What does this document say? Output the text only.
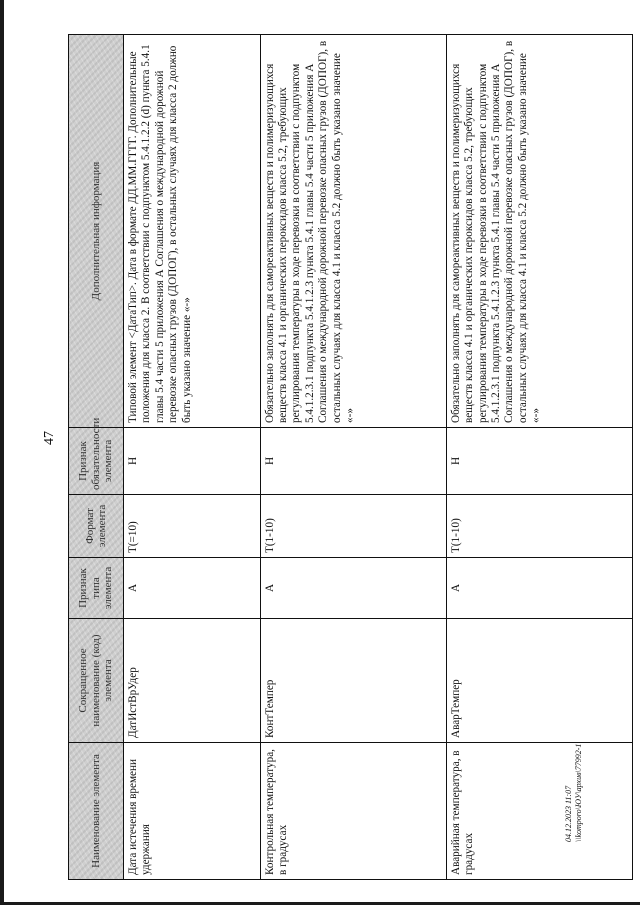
47
04.12.2023 11:07 \\komporo\ЮУ\архив\77992-1
Наименование элемента	Сокращенное наименование (код) элемента	Признак типа элемента	Формат элемента	Признак обязательности элемента	Дополнительная информация
Дата истечения времени удержания	ДатИстВрУдер	А	T(=10)	Н	Типовой элемент <ДатаТип>. Дата в формате ДД.ММ.ГГГГ. Дополнительные положения для класса 2. В соответствии с подпунктом 5.4.1.2.2 (d) пункта 5.4.1 главы 5.4 части 5 приложения А Соглашения о международной дорожной перевозке опасных грузов (ДОПОГ), в остальных случаях для класса 2 должно быть указано значение «-»
Контрольная температура, в градусах	КонтТемпер	А	T(1-10)	Н	Обязательно заполнять для самореактивных веществ и полимеризующихся веществ класса 4.1 и органических пероксидов класса 5.2, требующих регулирования температуры в ходе перевозки в соответствии с подпунктом 5.4.1.2.3.1 подпункта 5.4.1.2.3 пункта 5.4.1 главы 5.4 части 5 приложения А Соглашения о международной дорожной перевозке опасных грузов (ДОПОГ), в остальных случаях для класса 4.1 и класса 5.2 должно быть указано значение «-»
Аварийная температура, в градусах	АварТемпер	А	T(1-10)	Н	Обязательно заполнять для самореактивных веществ и полимеризующихся веществ класса 4.1 и органических пероксидов класса 5.2, требующих регулирования температуры в ходе перевозки в соответствии с подпунктом 5.4.1.2.3.1 подпункта 5.4.1.2.3 пункта 5.4.1 главы 5.4 части 5 приложения А Соглашения о международной дорожной перевозке опасных грузов (ДОПОГ), в остальных случаях для класса 4.1 и класса 5.2 должно быть указано значение «-»
